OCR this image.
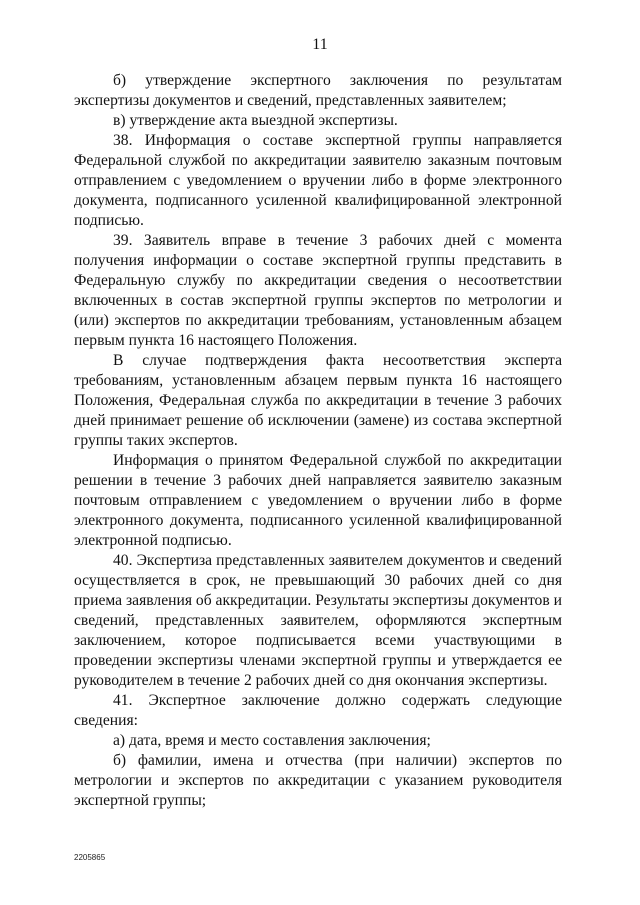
11

б) утверждение экспертного заключения по результатам экспертизы документов и сведений, представленных заявителем;

в) утверждение акта выездной экспертизы.

38. Информация о составе экспертной группы направляется Федеральной службой по аккредитации заявителю заказным почтовым отправлением с уведомлением о вручении либо в форме электронного документа, подписанного усиленной квалифицированной электронной подписью.

39. Заявитель вправе в течение 3 рабочих дней с момента получения информации о составе экспертной группы представить в Федеральную службу по аккредитации сведения о несоответствии включенных в состав экспертной группы экспертов по метрологии и (или) экспертов по аккредитации требованиям, установленным абзацем первым пункта 16 настоящего Положения.

В случае подтверждения факта несоответствия эксперта требованиям, установленным абзацем первым пункта 16 настоящего Положения, Федеральная служба по аккредитации в течение 3 рабочих дней принимает решение об исключении (замене) из состава экспертной группы таких экспертов.

Информация о принятом Федеральной службой по аккредитации решении в течение 3 рабочих дней направляется заявителю заказным почтовым отправлением с уведомлением о вручении либо в форме электронного документа, подписанного усиленной квалифицированной электронной подписью.

40. Экспертиза представленных заявителем документов и сведений осуществляется в срок, не превышающий 30 рабочих дней со дня приема заявления об аккредитации. Результаты экспертизы документов и сведений, представленных заявителем, оформляются экспертным заключением, которое подписывается всеми участвующими в проведении экспертизы членами экспертной группы и утверждается ее руководителем в течение 2 рабочих дней со дня окончания экспертизы.

41. Экспертное заключение должно содержать следующие сведения:

а) дата, время и место составления заключения;

б) фамилии, имена и отчества (при наличии) экспертов по метрологии и экспертов по аккредитации с указанием руководителя экспертной группы;

2205865
